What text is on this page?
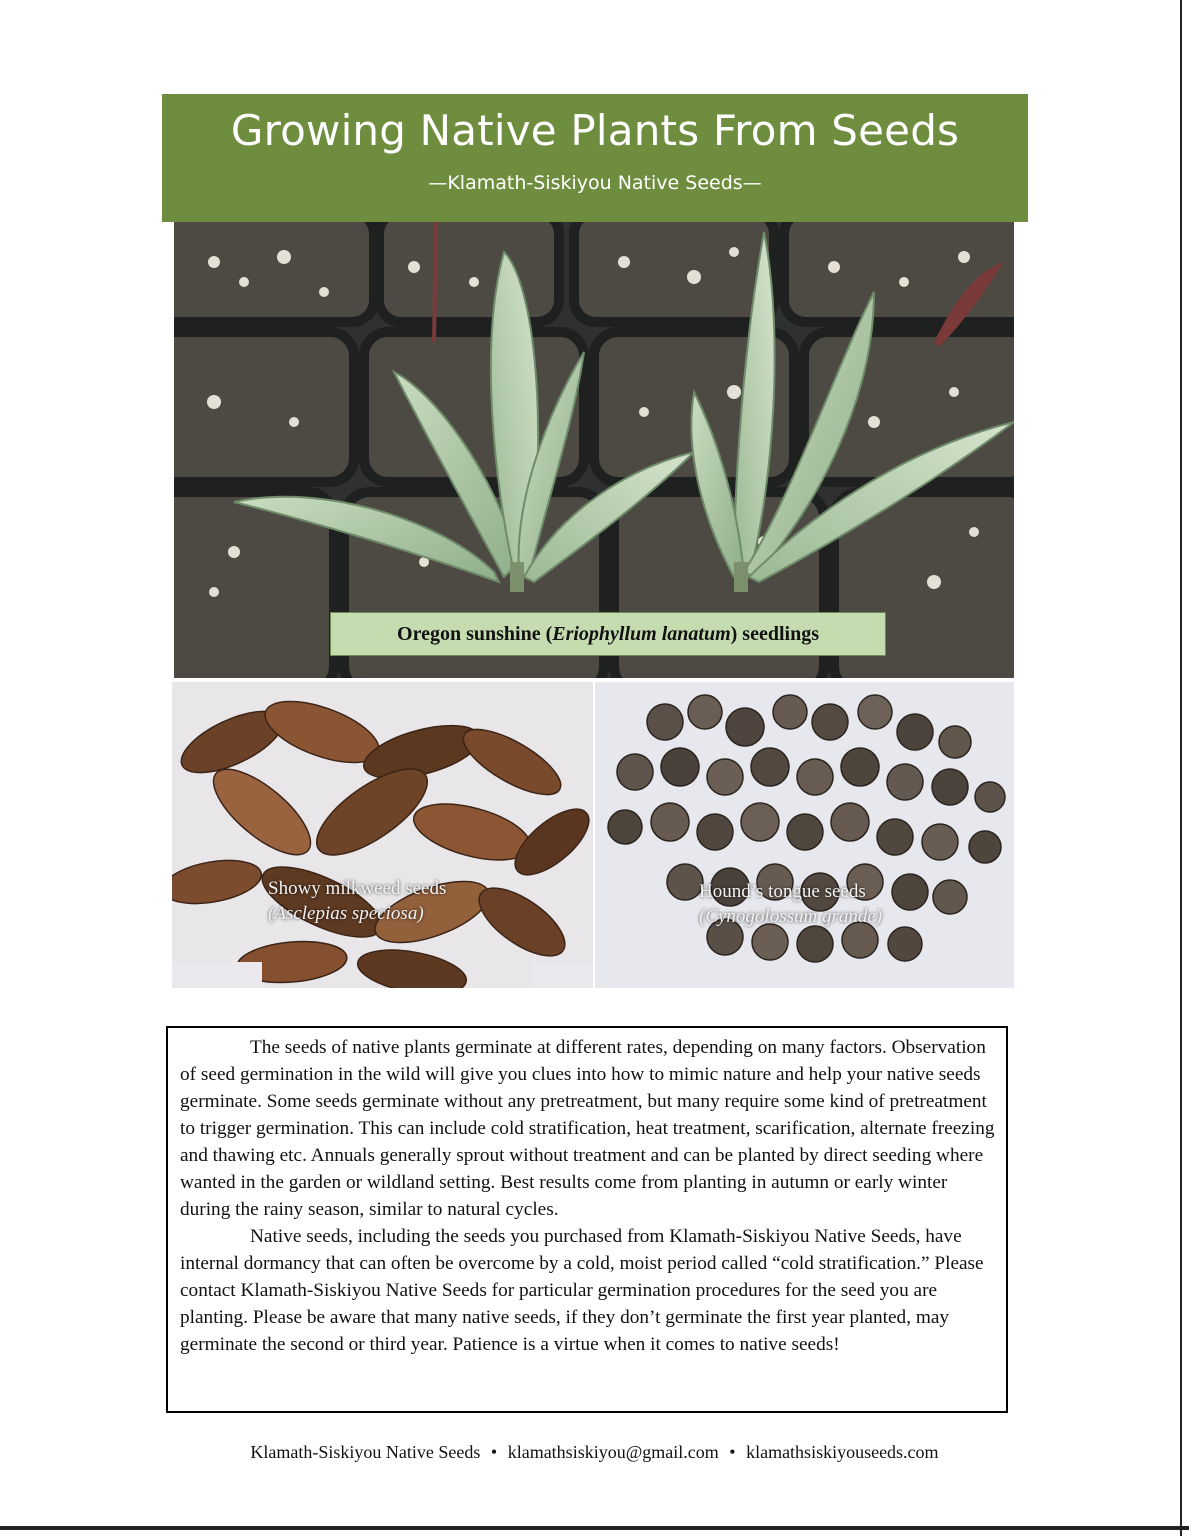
Growing Native Plants From Seeds
—Klamath-Siskiyou Native Seeds—
Oregon sunshine (Eriophyllum lanatum) seedlings
Showy milkweed seeds
(Asclepias speciosa)
Hound’s tongue seeds
(Cynogolossum grande)

The seeds of native plants germinate at different rates, depending on many factors. Observation of seed germination in the wild will give you clues into how to mimic nature and help your native seeds germinate. Some seeds germinate without any pretreatment, but many require some kind of pretreatment to trigger germination. This can include cold stratification, heat treatment, scarification, alternate freezing and thawing etc. Annuals generally sprout without treatment and can be planted by direct seeding where wanted in the garden or wildland setting. Best results come from planting in autumn or early winter during the rainy season, similar to natural cycles.

Native seeds, including the seeds you purchased from Klamath-Siskiyou Native Seeds, have internal dormancy that can often be overcome by a cold, moist period called “cold stratification.” Please contact Klamath-Siskiyou Native Seeds for particular germination procedures for the seed you are planting. Please be aware that many native seeds, if they don’t germinate the first year planted, may germinate the second or third year. Patience is a virtue when it comes to native seeds!

Klamath-Siskiyou Native Seeds • klamathsiskiyou@gmail.com • klamathsiskiyouseeds.com
